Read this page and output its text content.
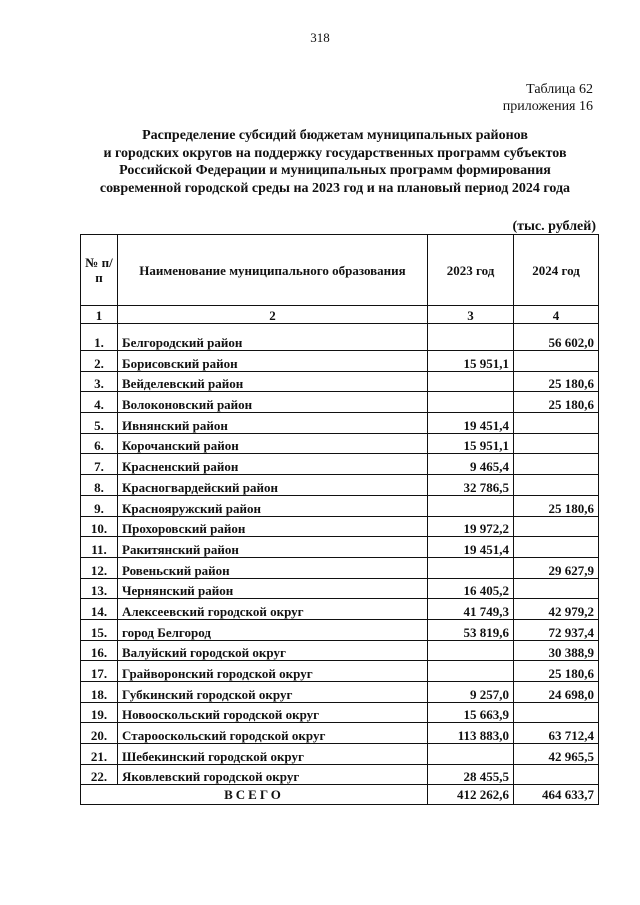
318
Таблица 62
приложения 16
Распределение субсидий бюджетам муниципальных районов
и городских округов на поддержку государственных программ субъектов
Российской Федерации и муниципальных программ формирования
современной городской среды на 2023 год и на плановый период 2024 года
(тыс. рублей)
№ п/п	Наименование муниципального образования	2023 год	2024 год
1	2	3	4
1.	Белгородский район		56 602,0
2.	Борисовский район	15 951,1	
3.	Вейделевский район		25 180,6
4.	Волоконовский район		25 180,6
5.	Ивнянский район	19 451,4	
6.	Корочанский район	15 951,1	
7.	Красненский район	9 465,4	
8.	Красногвардейский район	32 786,5	
9.	Краснояружский район		25 180,6
10.	Прохоровский район	19 972,2	
11.	Ракитянский район	19 451,4	
12.	Ровеньский район		29 627,9
13.	Чернянский район	16 405,2	
14.	Алексеевский городской округ	41 749,3	42 979,2
15.	город Белгород	53 819,6	72 937,4
16.	Валуйский городской округ		30 388,9
17.	Грайворонский городской округ		25 180,6
18.	Губкинский городской округ	9 257,0	24 698,0
19.	Новооскольский городской округ	15 663,9	
20.	Старооскольский городской округ	113 883,0	63 712,4
21.	Шебекинский городской округ		42 965,5
22.	Яковлевский городской округ	28 455,5	
ВСЕГО		412 262,6	464 633,7
